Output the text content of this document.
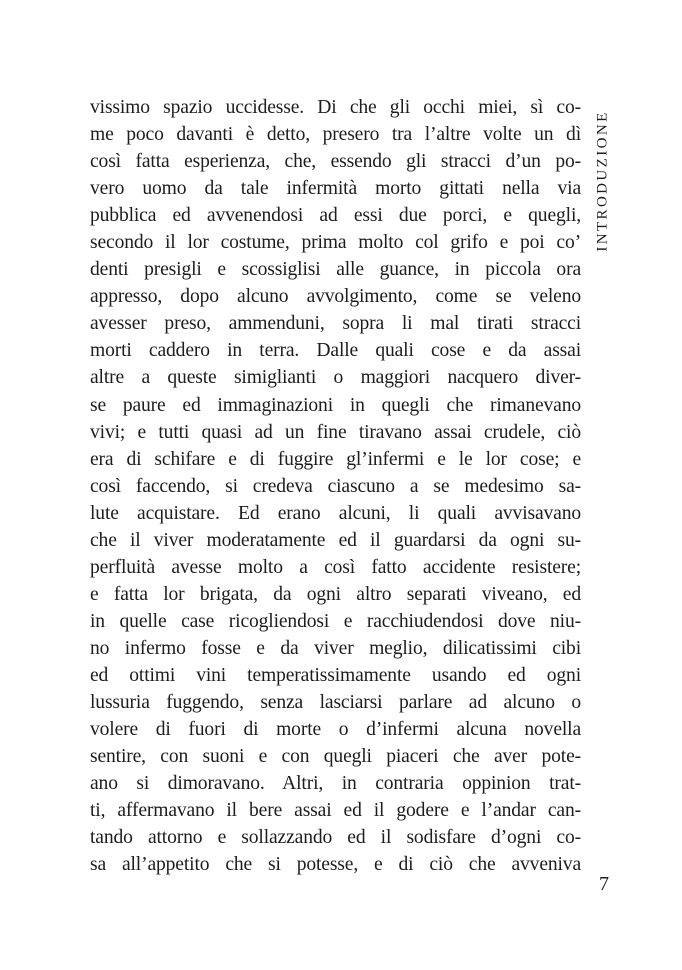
vissimo spazio uccidesse. Di che gli occhi miei, sì co-
me poco davanti è detto, presero tra l’altre volte un dì
così fatta esperienza, che, essendo gli stracci d’un po-
vero uomo da tale infermità morto gittati nella via
pubblica ed avvenendosi ad essi due porci, e quegli,
secondo il lor costume, prima molto col grifo e poi co’
denti presigli e scossiglisi alle guance, in piccola ora
appresso, dopo alcuno avvolgimento, come se veleno
avesser preso, ammenduni, sopra li mal tirati stracci
morti caddero in terra. Dalle quali cose e da assai
altre a queste simiglianti o maggiori nacquero diver-
se paure ed immaginazioni in quegli che rimanevano
vivi; e tutti quasi ad un fine tiravano assai crudele, ciò
era di schifare e di fuggire gl’infermi e le lor cose; e
così faccendo, si credeva ciascuno a se medesimo sa-
lute acquistare. Ed erano alcuni, li quali avvisavano
che il viver moderatamente ed il guardarsi da ogni su-
perfluità avesse molto a così fatto accidente resistere;
e fatta lor brigata, da ogni altro separati viveano, ed
in quelle case ricogliendosi e racchiudendosi dove niu-
no infermo fosse e da viver meglio, dilicatissimi cibi
ed ottimi vini temperatissimamente usando ed ogni
lussuria fuggendo, senza lasciarsi parlare ad alcuno o
volere di fuori di morte o d’infermi alcuna novella
sentire, con suoni e con quegli piaceri che aver pote-
ano si dimoravano. Altri, in contraria oppinion trat-
ti, affermavano il bere assai ed il godere e l’andar can-
tando attorno e sollazzando ed il sodisfare d’ogni co-
sa all’appetito che si potesse, e di ciò che avveniva
INTRODUZIONE
7
